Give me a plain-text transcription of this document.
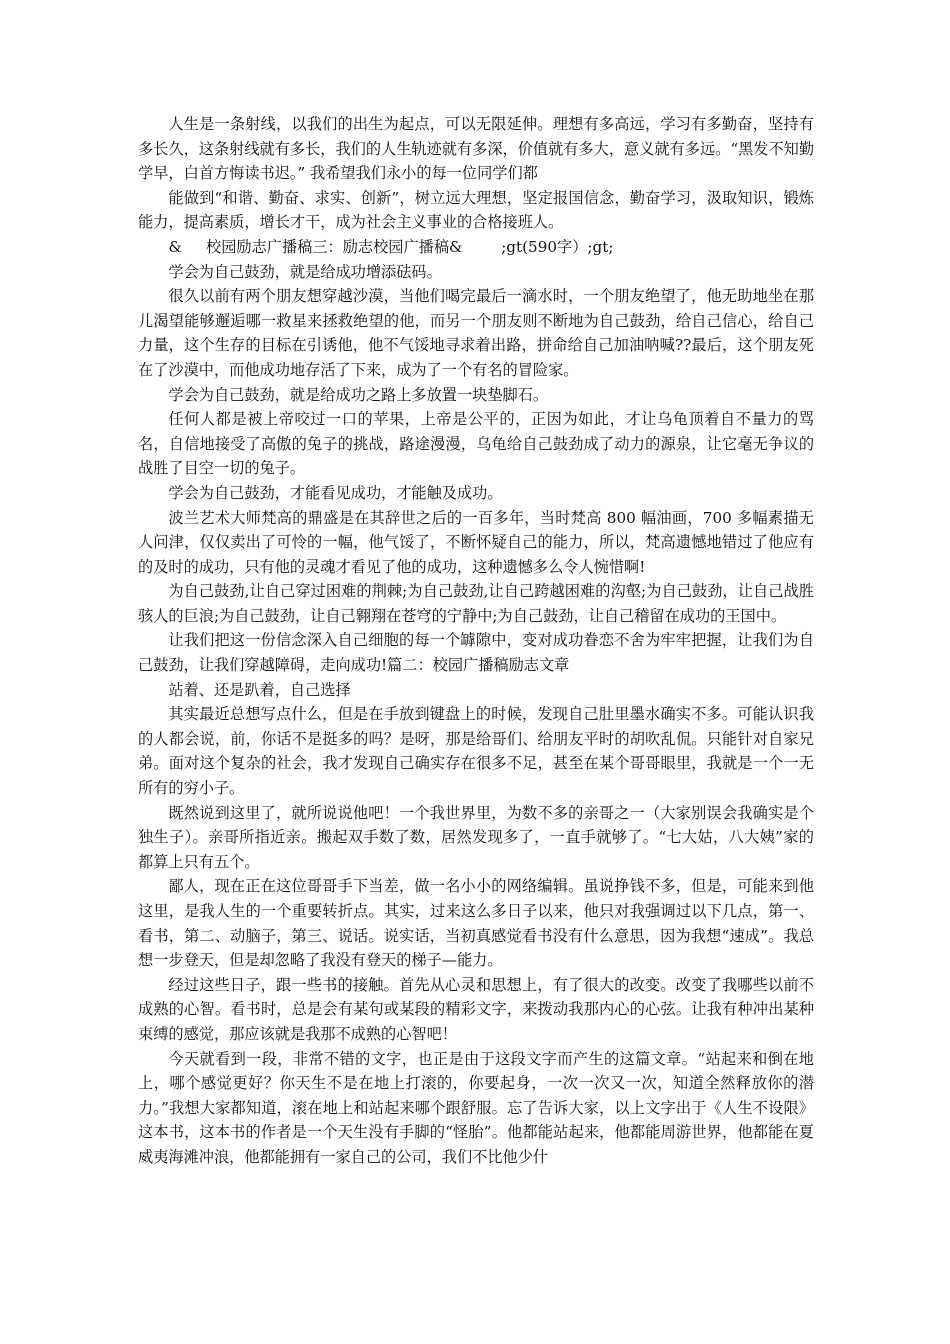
人生是一条射线，以我们的出生为起点，可以无限延伸。理想有多高远，学习有多勤奋，坚持有多长久，这条射线就有多长，我们的人生轨迹就有多深，价值就有多大，意义就有多远。“黑发不知勤学早，白首方悔读书迟。” 我希望我们永小的每一位同学们都

能做到“和谐、勤奋、求实、创新”，树立远大理想，坚定报国信念，勤奋学习，汲取知识，锻炼能力，提高素质，增长才干，成为社会主义事业的合格接班人。

&     校园励志广播稿三：励志校园广播稿&        ;gt(590字）;gt;

学会为自己鼓劲，就是给成功增添砝码。

很久以前有两个朋友想穿越沙漠，当他们喝完最后一滴水时，一个朋友绝望了，他无助地坐在那儿渴望能够邂逅哪一救星来拯救绝望的他，而另一个朋友则不断地为自己鼓劲，给自己信心，给自己力量，这个生存的目标在引诱他，他不气馁地寻求着出路，拼命给自己加油呐喊??最后，这个朋友死在了沙漠中，而他成功地存活了下来，成为了一个有名的冒险家。

学会为自己鼓劲，就是给成功之路上多放置一块垫脚石。

任何人都是被上帝咬过一口的苹果，上帝是公平的，正因为如此，才让乌龟顶着自不量力的骂名，自信地接受了高傲的兔子的挑战，路途漫漫，乌龟给自己鼓劲成了动力的源泉，让它毫无争议的战胜了目空一切的兔子。

学会为自己鼓劲，才能看见成功，才能触及成功。

波兰艺术大师梵高的鼎盛是在其辞世之后的一百多年，当时梵高 800 幅油画，700 多幅素描无人问津，仅仅卖出了可怜的一幅，他气馁了，不断怀疑自己的能力，所以，梵高遗憾地错过了他应有的及时的成功，只有他的灵魂才看见了他的成功，这种遗憾多么令人惋惜啊!

为自己鼓劲,让自己穿过困难的荆棘;为自己鼓劲,让自己跨越困难的沟壑;为自己鼓劲，让自己战胜骇人的巨浪;为自己鼓劲，让自己翱翔在苍穹的宁静中;为自己鼓劲，让自己稽留在成功的王国中。

让我们把这一份信念深入自己细胞的每一个罅隙中，变对成功眷恋不舍为牢牢把握，让我们为自己鼓劲，让我们穿越障碍，走向成功!篇二：校园广播稿励志文章

站着、还是趴着，自己选择

其实最近总想写点什么，但是在手放到键盘上的时候，发现自己肚里墨水确实不多。可能认识我的人都会说，前，你话不是挺多的吗？是呀，那是给哥们、给朋友平时的胡吹乱侃。只能针对自家兄弟。面对这个复杂的社会，我才发现自己确实存在很多不足，甚至在某个哥哥眼里，我就是一个一无所有的穷小子。

既然说到这里了，就所说说他吧！一个我世界里，为数不多的亲哥之一（大家别误会我确实是个独生子）。亲哥所指近亲。搬起双手数了数，居然发现多了，一直手就够了。“七大姑，八大姨”家的都算上只有五个。

鄙人，现在正在这位哥哥手下当差，做一名小小的网络编辑。虽说挣钱不多，但是，可能来到他这里，是我人生的一个重要转折点。其实，过来这么多日子以来，他只对我强调过以下几点，第一、看书，第二、动脑子，第三、说话。说实话，当初真感觉看书没有什么意思，因为我想“速成”。我总想一步登天，但是却忽略了我没有登天的梯子—能力。

经过这些日子，跟一些书的接触。首先从心灵和思想上，有了很大的改变。改变了我哪些以前不成熟的心智。看书时，总是会有某句或某段的精彩文字，来拨动我那内心的心弦。让我有种冲出某种束缚的感觉，那应该就是我那不成熟的心智吧！

今天就看到一段，非常不错的文字，也正是由于这段文字而产生的这篇文章。“站起来和倒在地上，哪个感觉更好？你天生不是在地上打滚的，你要起身，一次一次又一次，知道全然释放你的潜力。”我想大家都知道，滚在地上和站起来哪个跟舒服。忘了告诉大家，以上文字出于《人生不设限》这本书，这本书的作者是一个天生没有手脚的“怪胎”。他都能站起来，他都能周游世界，他都能在夏威夷海滩冲浪，他都能拥有一家自己的公司，我们不比他少什
